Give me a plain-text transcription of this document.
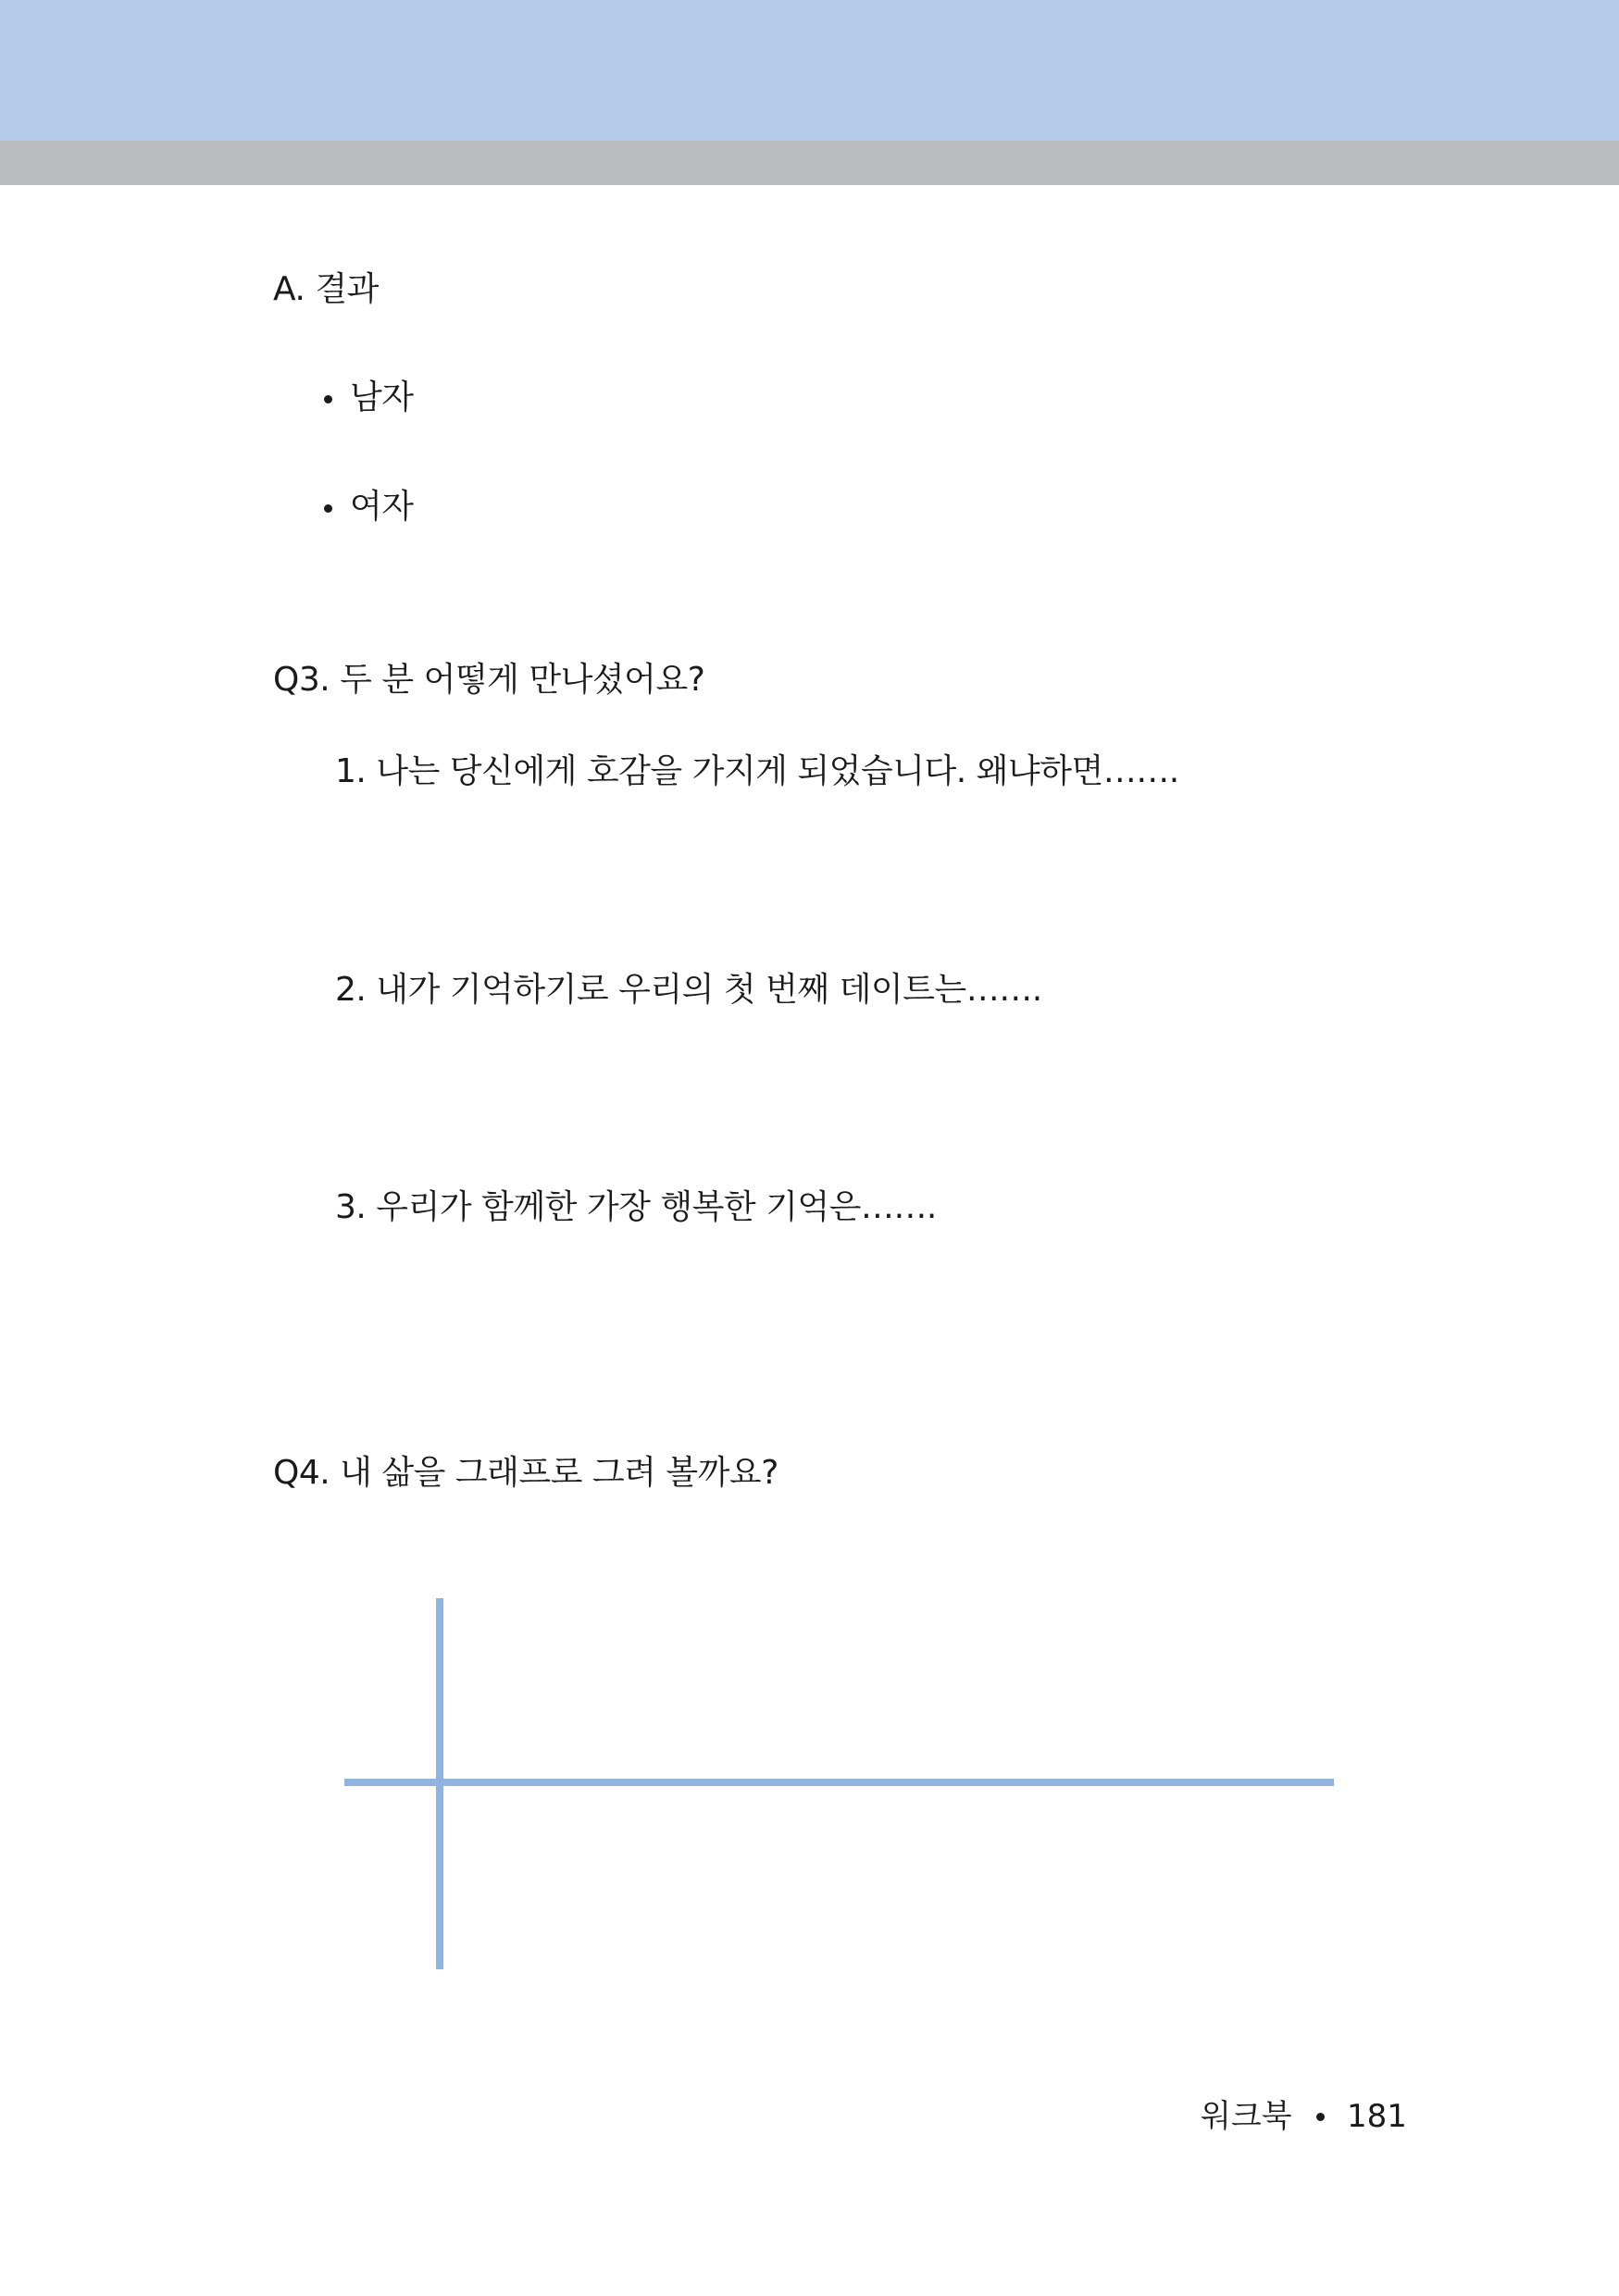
A. 결과
남자
여자
Q3. 두 분 어떻게 만나셨어요?
1. 나는 당신에게 호감을 가지게 되었습니다. 왜냐하면…….
2. 내가 기억하기로 우리의 첫 번째 데이트는…….
3. 우리가 함께한 가장 행복한 기억은…….
Q4. 내 삶을 그래프로 그려 볼까요?
워크북 181
